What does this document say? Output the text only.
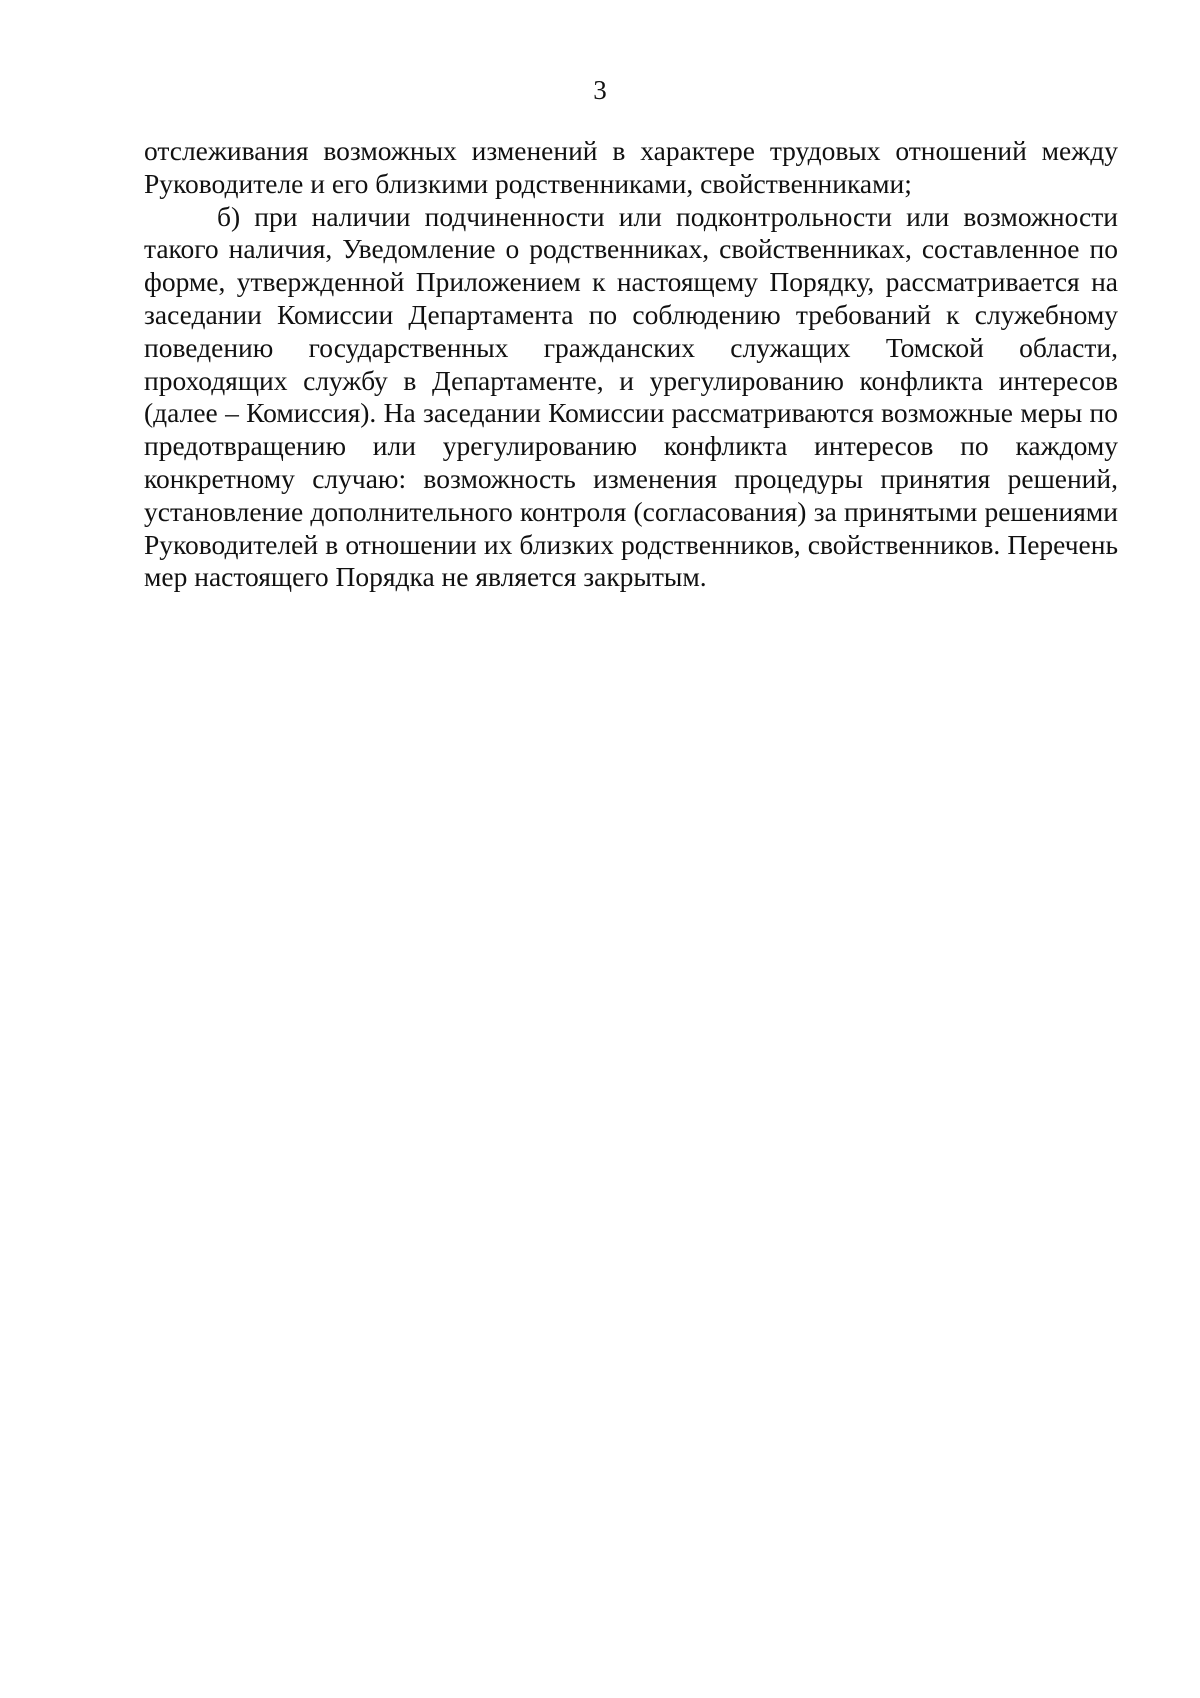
3

отслеживания возможных изменений в характере трудовых отношений между Руководителе и его близкими родственниками, свойственниками;

б) при наличии подчиненности или подконтрольности или возможности такого наличия, Уведомление о родственниках, свойственниках, составленное по форме, утвержденной Приложением к настоящему Порядку, рассматривается на заседании Комиссии Департамента по соблюдению требований к служебному поведению государственных гражданских служащих Томской области, проходящих службу в Департаменте, и урегулированию конфликта интересов (далее – Комиссия). На заседании Комиссии рассматриваются возможные меры по предотвращению или урегулированию конфликта интересов по каждому конкретному случаю: возможность изменения процедуры принятия решений, установление дополнительного контроля (согласования) за принятыми решениями Руководителей в отношении их близких родственников, свойственников. Перечень мер настоящего Порядка не является закрытым.
